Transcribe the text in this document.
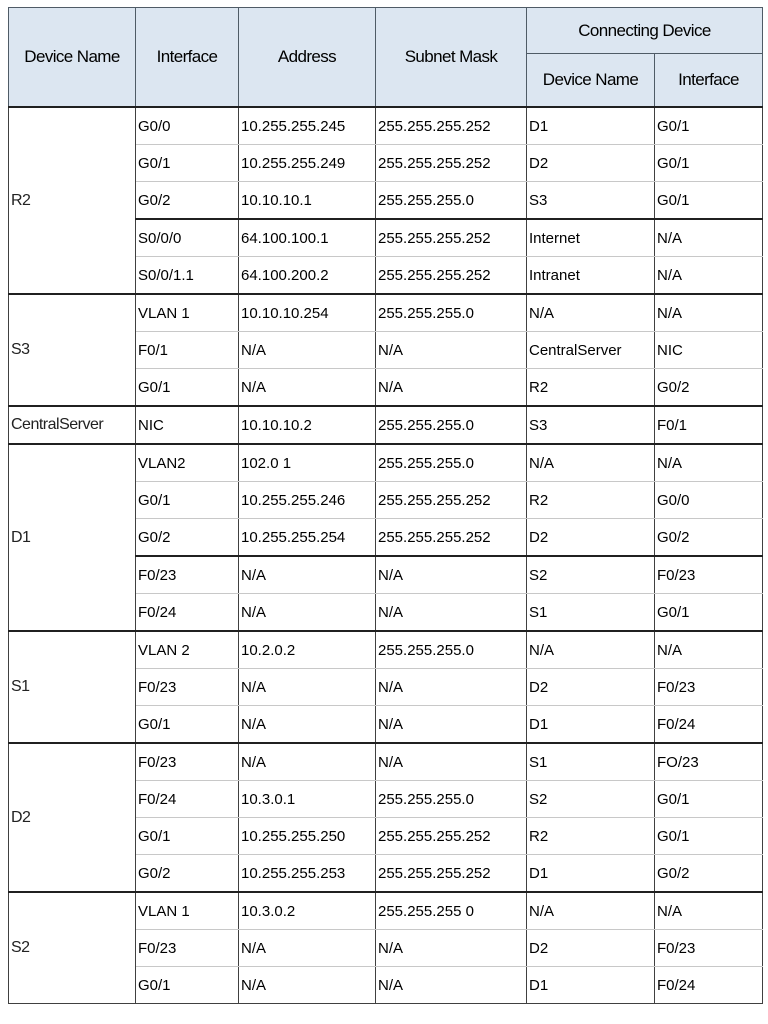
Device Name	Interface	Address	Subnet Mask	Connecting Device	
				Device Name	Interface
R2	G0/0	10.255.255.245	255.255.255.252	D1	G0/1
	G0/1	10.255.255.249	255.255.255.252	D2	G0/1
	G0/2	10.10.10.1	255.255.255.0	S3	G0/1
	S0/0/0	64.100.100.1	255.255.255.252	Internet	N/A
	S0/0/1.1	64.100.200.2	255.255.255.252	Intranet	N/A
S3	VLAN 1	10.10.10.254	255.255.255.0	N/A	N/A
	F0/1	N/A	N/A	CentralServer	NIC
	G0/1	N/A	N/A	R2	G0/2
CentralServer	NIC	10.10.10.2	255.255.255.0	S3	F0/1
D1	VLAN2	102.0 1	255.255.255.0	N/A	N/A
	G0/1	10.255.255.246	255.255.255.252	R2	G0/0
	G0/2	10.255.255.254	255.255.255.252	D2	G0/2
	F0/23	N/A	N/A	S2	F0/23
	F0/24	N/A	N/A	S1	G0/1
S1	VLAN 2	10.2.0.2	255.255.255.0	N/A	N/A
	F0/23	N/A	N/A	D2	F0/23
	G0/1	N/A	N/A	D1	F0/24
D2	F0/23	N/A	N/A	S1	FO/23
	F0/24	10.3.0.1	255.255.255.0	S2	G0/1
	G0/1	10.255.255.250	255.255.255.252	R2	G0/1
	G0/2	10.255.255.253	255.255.255.252	D1	G0/2
S2	VLAN 1	10.3.0.2	255.255.255 0	N/A	N/A
	F0/23	N/A	N/A	D2	F0/23
	G0/1	N/A	N/A	D1	F0/24
